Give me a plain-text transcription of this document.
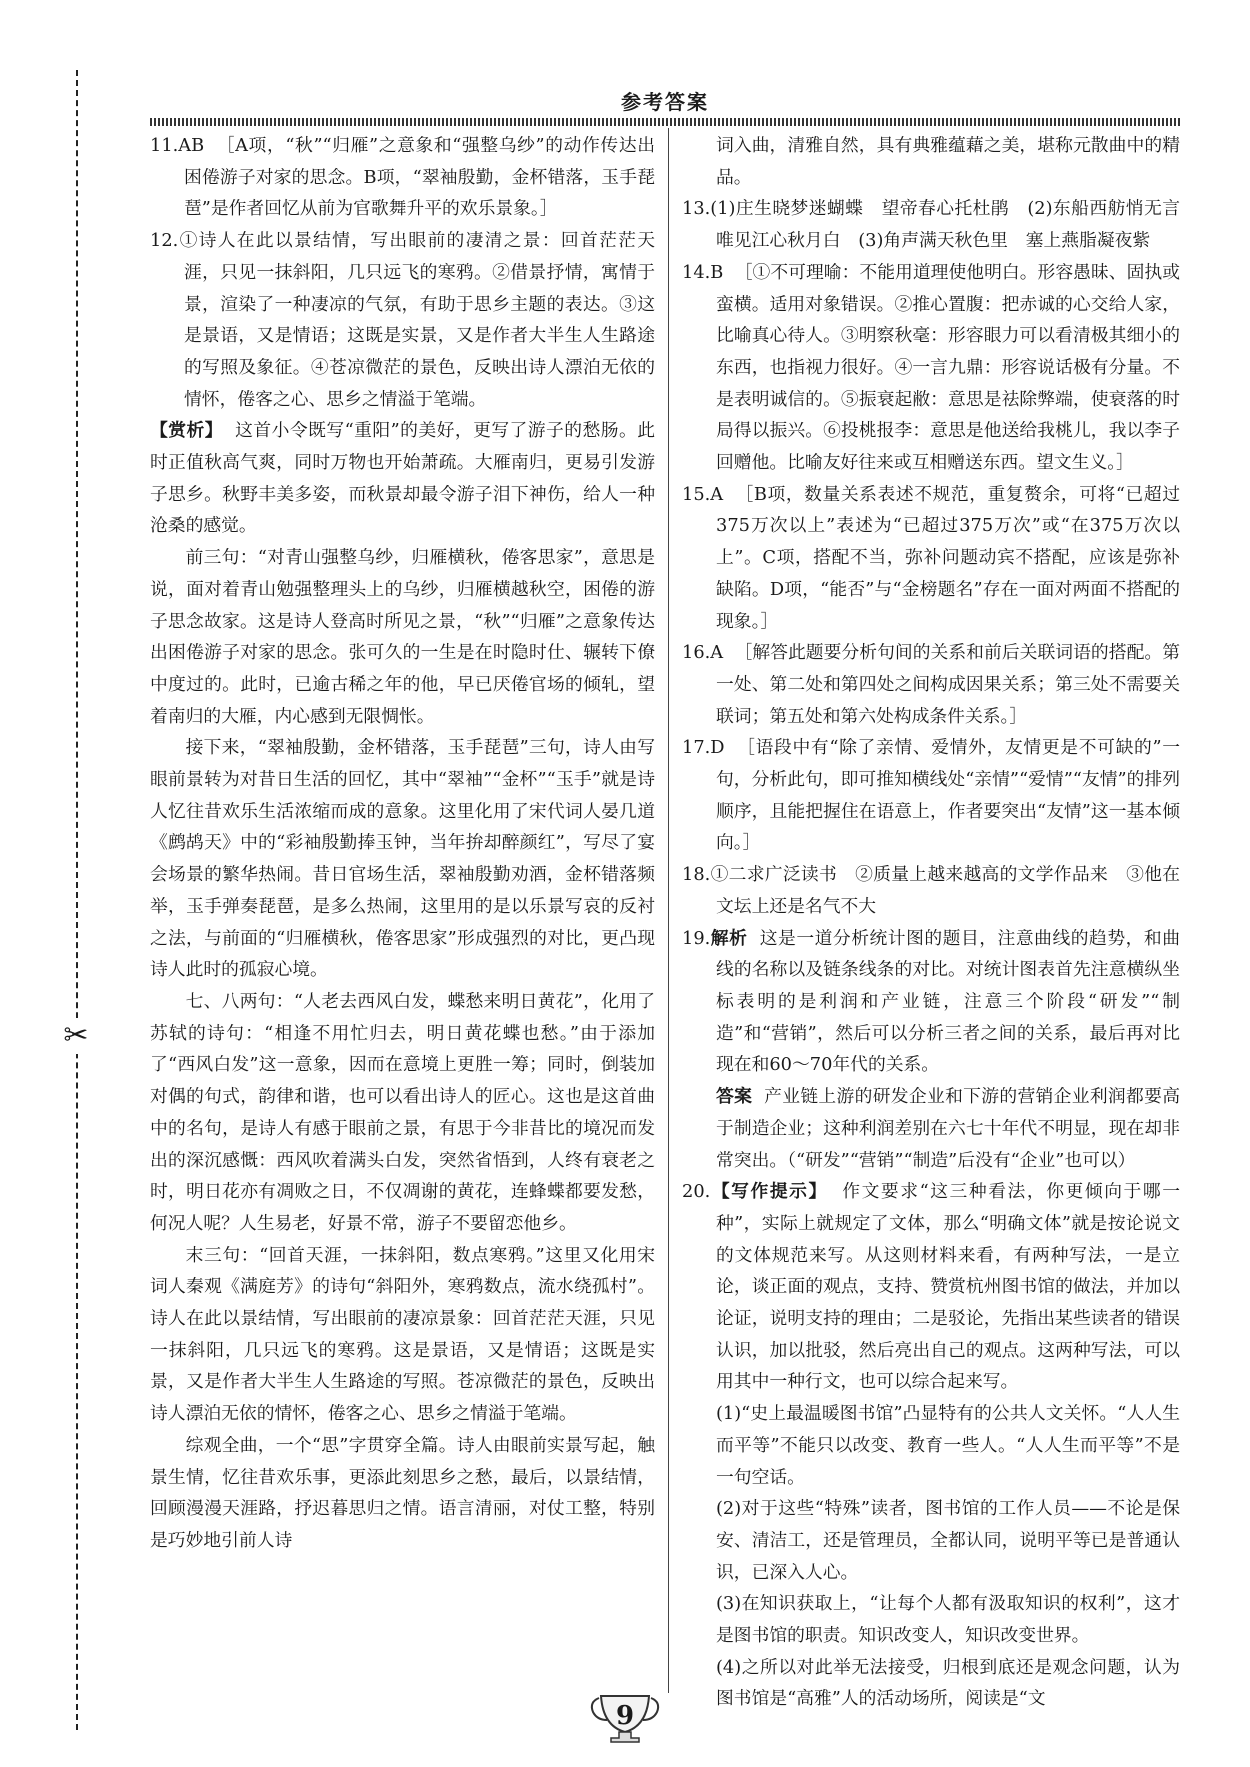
✂
参考答案

11.AB ［A项，“秋”“归雁”之意象和“强整乌纱”的动作传达出困倦游子对家的思念。B项，“翠袖殷勤，金杯错落，玉手琵琶”是作者回忆从前为官歌舞升平的欢乐景象。］

12.①诗人在此以景结情，写出眼前的凄清之景：回首茫茫天涯，只见一抹斜阳，几只远飞的寒鸦。②借景抒情，寓情于景，渲染了一种凄凉的气氛，有助于思乡主题的表达。③这是景语，又是情语；这既是实景，又是作者大半生人生路途的写照及象征。④苍凉微茫的景色，反映出诗人漂泊无依的情怀，倦客之心、思乡之情溢于笔端。

【赏析】 这首小令既写“重阳”的美好，更写了游子的愁肠。此时正值秋高气爽，同时万物也开始萧疏。大雁南归，更易引发游子思乡。秋野丰美多姿，而秋景却最令游子泪下神伤，给人一种沧桑的感觉。

前三句：“对青山强整乌纱，归雁横秋，倦客思家”，意思是说，面对着青山勉强整理头上的乌纱，归雁横越秋空，困倦的游子思念故家。这是诗人登高时所见之景，“秋”“归雁”之意象传达出困倦游子对家的思念。张可久的一生是在时隐时仕、辗转下僚中度过的。此时，已逾古稀之年的他，早已厌倦官场的倾轧，望着南归的大雁，内心感到无限惆怅。

接下来，“翠袖殷勤，金杯错落，玉手琵琶”三句，诗人由写眼前景转为对昔日生活的回忆，其中“翠袖”“金杯”“玉手”就是诗人忆往昔欢乐生活浓缩而成的意象。这里化用了宋代词人晏几道《鹧鸪天》中的“彩袖殷勤捧玉钟，当年拚却醉颜红”，写尽了宴会场景的繁华热闹。昔日官场生活，翠袖殷勤劝酒，金杯错落频举，玉手弹奏琵琶，是多么热闹，这里用的是以乐景写哀的反衬之法，与前面的“归雁横秋，倦客思家”形成强烈的对比，更凸现诗人此时的孤寂心境。

七、八两句：“人老去西风白发，蝶愁来明日黄花”，化用了苏轼的诗句：“相逢不用忙归去，明日黄花蝶也愁。”由于添加了“西风白发”这一意象，因而在意境上更胜一筹；同时，倒装加对偶的句式，韵律和谐，也可以看出诗人的匠心。这也是这首曲中的名句，是诗人有感于眼前之景，有思于今非昔比的境况而发出的深沉感慨：西风吹着满头白发，突然省悟到，人终有衰老之时，明日花亦有凋败之日，不仅凋谢的黄花，连蜂蝶都要发愁，何况人呢？人生易老，好景不常，游子不要留恋他乡。

末三句：“回首天涯，一抹斜阳，数点寒鸦。”这里又化用宋词人秦观《满庭芳》的诗句“斜阳外，寒鸦数点，流水绕孤村”。诗人在此以景结情，写出眼前的凄凉景象：回首茫茫天涯，只见一抹斜阳，几只远飞的寒鸦。这是景语，又是情语；这既是实景，又是作者大半生人生路途的写照。苍凉微茫的景色，反映出诗人漂泊无依的情怀，倦客之心、思乡之情溢于笔端。

综观全曲，一个“思”字贯穿全篇。诗人由眼前实景写起，触景生情，忆往昔欢乐事，更添此刻思乡之愁，最后，以景结情，回顾漫漫天涯路，抒迟暮思归之情。语言清丽，对仗工整，特别是巧妙地引前人诗

词入曲，清雅自然，具有典雅蕴藉之美，堪称元散曲中的精品。

13.(1)庄生晓梦迷蝴蝶　望帝春心托杜鹃　(2)东船西舫悄无言　唯见江心秋月白　(3)角声满天秋色里　塞上燕脂凝夜紫

14.B ［①不可理喻：不能用道理使他明白。形容愚昧、固执或蛮横。适用对象错误。②推心置腹：把赤诚的心交给人家，比喻真心待人。③明察秋毫：形容眼力可以看清极其细小的东西，也指视力很好。④一言九鼎：形容说话极有分量。不是表明诚信的。⑤振衰起敝：意思是祛除弊端，使衰落的时局得以振兴。⑥投桃报李：意思是他送给我桃儿，我以李子回赠他。比喻友好往来或互相赠送东西。望文生义。］

15.A ［B项，数量关系表述不规范，重复赘余，可将“已超过375万次以上”表述为“已超过375万次”或“在375万次以上”。C项，搭配不当，弥补问题动宾不搭配，应该是弥补缺陷。D项，“能否”与“金榜题名”存在一面对两面不搭配的现象。］

16.A ［解答此题要分析句间的关系和前后关联词语的搭配。第一处、第二处和第四处之间构成因果关系；第三处不需要关联词；第五处和第六处构成条件关系。］

17.D ［语段中有“除了亲情、爱情外，友情更是不可缺的”一句，分析此句，即可推知横线处“亲情”“爱情”“友情”的排列顺序，且能把握住在语意上，作者要突出“友情”这一基本倾向。］

18.①二求广泛读书　②质量上越来越高的文学作品来　③他在文坛上还是名气不大

19.解析 这是一道分析统计图的题目，注意曲线的趋势，和曲线的名称以及链条线条的对比。对统计图表首先注意横纵坐标表明的是利润和产业链，注意三个阶段“研发”“制造”和“营销”，然后可以分析三者之间的关系，最后再对比现在和60～70年代的关系。

答案 产业链上游的研发企业和下游的营销企业利润都要高于制造企业；这种利润差别在六七十年代不明显，现在却非常突出。（“研发”“营销”“制造”后没有“企业”也可以）

20.【写作提示】 作文要求“这三种看法，你更倾向于哪一种”，实际上就规定了文体，那么“明确文体”就是按论说文的文体规范来写。从这则材料来看，有两种写法，一是立论，谈正面的观点，支持、赞赏杭州图书馆的做法，并加以论证，说明支持的理由；二是驳论，先指出某些读者的错误认识，加以批驳，然后亮出自己的观点。这两种写法，可以用其中一种行文，也可以综合起来写。

(1)“史上最温暖图书馆”凸显特有的公共人文关怀。“人人生而平等”不能只以改变、教育一些人。“人人生而平等”不是一句空话。

(2)对于这些“特殊”读者，图书馆的工作人员——不论是保安、清洁工，还是管理员，全都认同，说明平等已是普通认识，已深入人心。

(3)在知识获取上，“让每个人都有汲取知识的权利”，这才是图书馆的职责。知识改变人，知识改变世界。

(4)之所以对此举无法接受，归根到底还是观念问题，认为图书馆是“高雅”人的活动场所，阅读是“文

9
